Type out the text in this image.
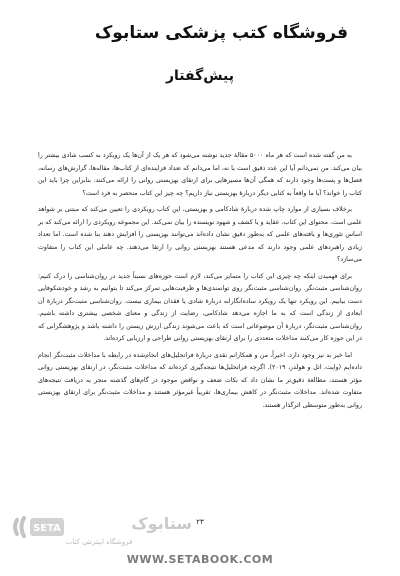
فروشگاه کتب پزشکی ستابوک
پیش‌گفتار

به من گفته شده است که هر ماه ۵۰۰۰ مقالهٔ جدید نوشته می‌شود که هر یک از آن‌ها یک رویکرد به کسب شادی بیشتر را بیان می‌کند. من نمی‌دانم آیا این عدد دقیق است یا نه، اما می‌دانم که تعداد فزاینده‌ای از کتاب‌ها، مقاله‌ها، گزارش‌های رسانه، فصل‌ها و پست‌ها وجود دارند که همگی آن‌ها مسیرهایی برای ارتقای بهزیستی روانی را ارائه می‌کنند. بنابراین چرا باید این کتاب را خواند؟ آیا ما واقعاً به کتابی دیگر دربارهٔ بهزیستی نیاز داریم؟ چه چیز این کتاب منحصر به فرد است؟

برخلاف بسیاری از موارد چاپ شده دربارهٔ شادکامی و بهزیستی، این کتاب رویکردی را تعیین می‌کند که مبتنی بر شواهد علمی است. محتوای این کتاب، عقاید و یا کشف و شهود نویسنده را بیان نمی‌کند. این مجموعه رویکردی را ارائه می‌کند که بر اساس تئوری‌ها و یافته‌های علمی که به‌طور دقیق نشان داده‌اند می‌توانند بهزیستی را افزایش دهند بنا شده است. اما تعداد زیادی راهبردهای علمی وجود دارند که مدعی هستند بهزیستی روانی را ارتقا می‌دهند. چه عاملی این کتاب را متفاوت می‌سازد؟

برای فهمیدن اینکه چه چیزی این کتاب را متمایز می‌کند، لازم است حوزه‌های نسبتاً جدید در روان‌شناسی را درک کنیم: روان‌شناسی مثبت‌نگر. روان‌شناسی مثبت‌نگر روی توانمندی‌ها و ظرفیت‌هایی تمرکز می‌کند تا بتوانیم به رشد و خودشکوفایی دست بیابیم. این رویکرد تنها یک رویکرد ساده‌انگارانه دربارهٔ شادی یا فقدان بیماری نیست. روان‌شناسی مثبت‌نگر دربارهٔ آن ابعادی از زندگی است که به ما اجازه می‌دهد شادکامی، رضایت از زندگی و معنای شخصی بیشتری داشته باشیم. روان‌شناسی مثبت‌نگر، دربارهٔ آن موضوعاتی است که باعث می‌شوند زندگی ارزش زیستن را داشته باشد و پژوهشگرانی که در این حوزه کار می‌کنند مداخلات متعددی را برای ارتقای بهزیستی روانی طراحی و ارزیابی کرده‌اند.

اما خبر بد نیز وجود دارد. اخیراً، من و همکارانم نقدی دربارهٔ فراتحلیل‌های انجام‌شده در رابطه با مداخلات مثبت‌نگر انجام داده‌ایم (وایت، اتل و هولدر، ۲۰۱۹). اگرچه فراتحلیل‌ها نتیجه‌گیری کرده‌اند که مداخلات مثبت‌نگر، در ارتقای بهزیستی روانی مؤثر هستند، مطالعهٔ دقیق‌تر ما نشان داد که نکات ضعف و نواقص موجود در گام‌های گذشته منجر به دریافت نتیجه‌های متفاوت شده‌اند. مداخلات مثبت‌نگر در کاهش بیماری‌ها، تقریباً غیرمؤثر هستند و مداخلات مثبت‌نگر برای ارتقای بهزیستی روانی به‌طور متوسطی اثرگذار هستند.

۲۳
SETA	ستابوک
فروشگاه اینترنتی کتاب
WWW.SETABOOK.COM
